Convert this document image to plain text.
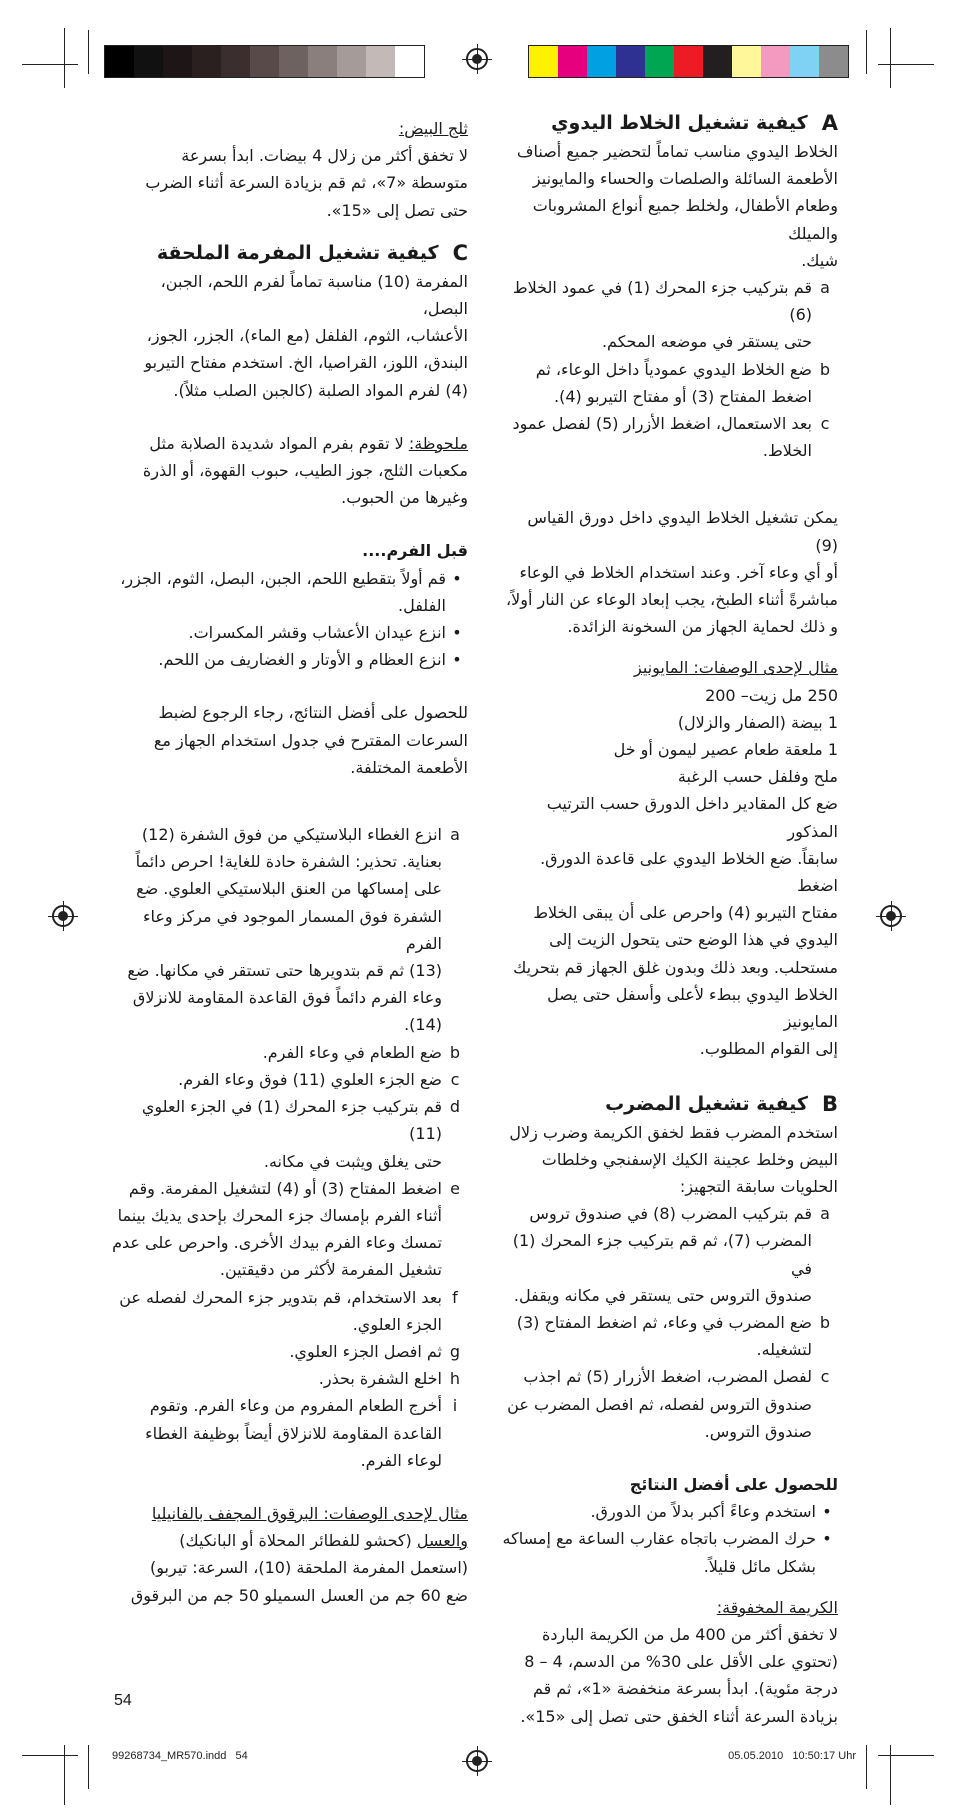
A
كيفية تشغيل الخلاط اليدوي

الخلاط اليدوي مناسب تماماً لتحضير جميع أصناف

الأطعمة السائلة والصلصات والحساء والمايونيز

وطعام الأطفال، ولخلط جميع أنواع المشروبات والميلك

شيك.

a

قم بتركيب جزء المحرك (1) في عمود الخلاط (6)

حتى يستقر في موضعه المحكم.

b

ضع الخلاط اليدوي عمودياً داخل الوعاء، ثم

اضغط المفتاح (3) أو مفتاح التيربو (4).

c

بعد الاستعمال، اضغط الأزرار (5) لفصل عمود

الخلاط.

يمكن تشغيل الخلاط اليدوي داخل دورق القياس (9)

أو أي وعاء آخر. وعند استخدام الخلاط في الوعاء

مباشرةً أثناء الطبخ، يجب إبعاد الوعاء عن النار أولاً،

و ذلك لحماية الجهاز من السخونة الزائدة.

مثال لإحدى الوصفات: المايونيز

250 مل زيت– 200

1 بيضة (الصفار والزلال)

1 ملعقة طعام عصير ليمون أو خل

ملح وفلفل حسب الرغبة

ضع كل المقادير داخل الدورق حسب الترتيب المذكور

سابقاً. ضع الخلاط اليدوي على قاعدة الدورق. اضغط

مفتاح التيربو (4) واحرص على أن يبقى الخلاط

اليدوي في هذا الوضع حتى يتحول الزيت إلى

مستحلب. وبعد ذلك وبدون غلق الجهاز قم بتحريك

الخلاط اليدوي ببطء لأعلى وأسفل حتى يصل المايونيز

إلى القوام المطلوب.

B
كيفية تشغيل المضرب

استخدم المضرب فقط لخفق الكريمة وضرب زلال

البيض وخلط عجينة الكيك الإسفنجي وخلطات

الحلويات سابقة التجهيز:

a

قم بتركيب المضرب (8) في صندوق تروس

المضرب (7)، ثم قم بتركيب جزء المحرك (1) في

صندوق التروس حتى يستقر في مكانه ويقفل.

b

ضع المضرب في وعاء، ثم اضغط المفتاح (3)

لتشغيله.

c

لفصل المضرب، اضغط الأزرار (5) ثم اجذب

صندوق التروس لفصله، ثم افصل المضرب عن

صندوق التروس.

للحصول على أفضل النتائج

•

استخدم وعاءً أكبر بدلاً من الدورق.

•

حرك المضرب باتجاه عقارب الساعة مع إمساكه

بشكل مائل قليلاً.

الكريمة المخفوقة:

لا تخفق أكثر من 400 مل من الكريمة الباردة

(تحتوي على الأقل على 30% من الدسم، 4 – 8

درجة مئوية). ابدأ بسرعة منخفضة «1»، ثم قم

بزيادة السرعة أثناء الخفق حتى تصل إلى «15».

ثلج البيض:

لا تخفق أكثر من زلال 4 بيضات. ابدأ بسرعة

متوسطة «7»، ثم قم بزيادة السرعة أثناء الضرب

حتى تصل إلى «15».

C
كيفية تشغيل المفرمة الملحقة

المفرمة (10) مناسبة تماماً لفرم اللحم، الجبن، البصل،

الأعشاب، الثوم، الفلفل (مع الماء)، الجزر، الجوز،

البندق، اللوز، القراصيا، الخ. استخدم مفتاح التيربو

(4) لفرم المواد الصلبة (كالجبن الصلب مثلاً).

ملحوظة: لا تقوم بفرم المواد شديدة الصلابة مثل

مكعبات الثلج، جوز الطيب، حبوب القهوة، أو الذرة

وغيرها من الحبوب.

قبل الفرم....

•

قم أولاً بتقطيع اللحم، الجبن، البصل، الثوم، الجزر،

الفلفل.

•

انزع عيدان الأعشاب وقشر المكسرات.

•

انزع العظام و الأوتار و الغضاريف من اللحم.

للحصول على أفضل النتائج، رجاء الرجوع لضبط

السرعات المقترح في جدول استخدام الجهاز مع

الأطعمة المختلفة.

a

انزع الغطاء البلاستيكي من فوق الشفرة (12)

بعناية. تحذير: الشفرة حادة للغاية! احرص دائماً

على إمساكها من العنق البلاستيكي العلوي. ضع

الشفرة فوق المسمار الموجود في مركز وعاء الفرم

(13) ثم قم بتدويرها حتى تستقر في مكانها. ضع

وعاء الفرم دائماً فوق القاعدة المقاومة للانزلاق

(14).

b

ضع الطعام في وعاء الفرم.

c

ضع الجزء العلوي (11) فوق وعاء الفرم.

d

قم بتركيب جزء المحرك (1) في الجزء العلوي (11)

حتى يغلق ويثبت في مكانه.

e

اضغط المفتاح (3) أو (4) لتشغيل المفرمة. وقم

أثناء الفرم بإمساك جزء المحرك بإحدى يديك بينما

تمسك وعاء الفرم بيدك الأخرى. واحرص على عدم

تشغيل المفرمة لأكثر من دقيقتين.

f

بعد الاستخدام، قم بتدوير جزء المحرك لفصله عن

الجزء العلوي.

g

ثم افصل الجزء العلوي.

h

اخلع الشفرة بحذر.

i

أخرج الطعام المفروم من وعاء الفرم. وتقوم

القاعدة المقاومة للانزلاق أيضاً بوظيفة الغطاء

لوعاء الفرم.

مثال لإحدى الوصفات: البرقوق المجفف بالفانيليا

والعسل (كحشو للفطائر المحلاة أو البانكيك)

(استعمل المفرمة الملحقة (10)، السرعة: تيربو)

ضع 60 جم من العسل السميلو 50 جم من البرقوق

54
99268734_MR570.indd   54	05.05.2010   10:50:17 Uhr
